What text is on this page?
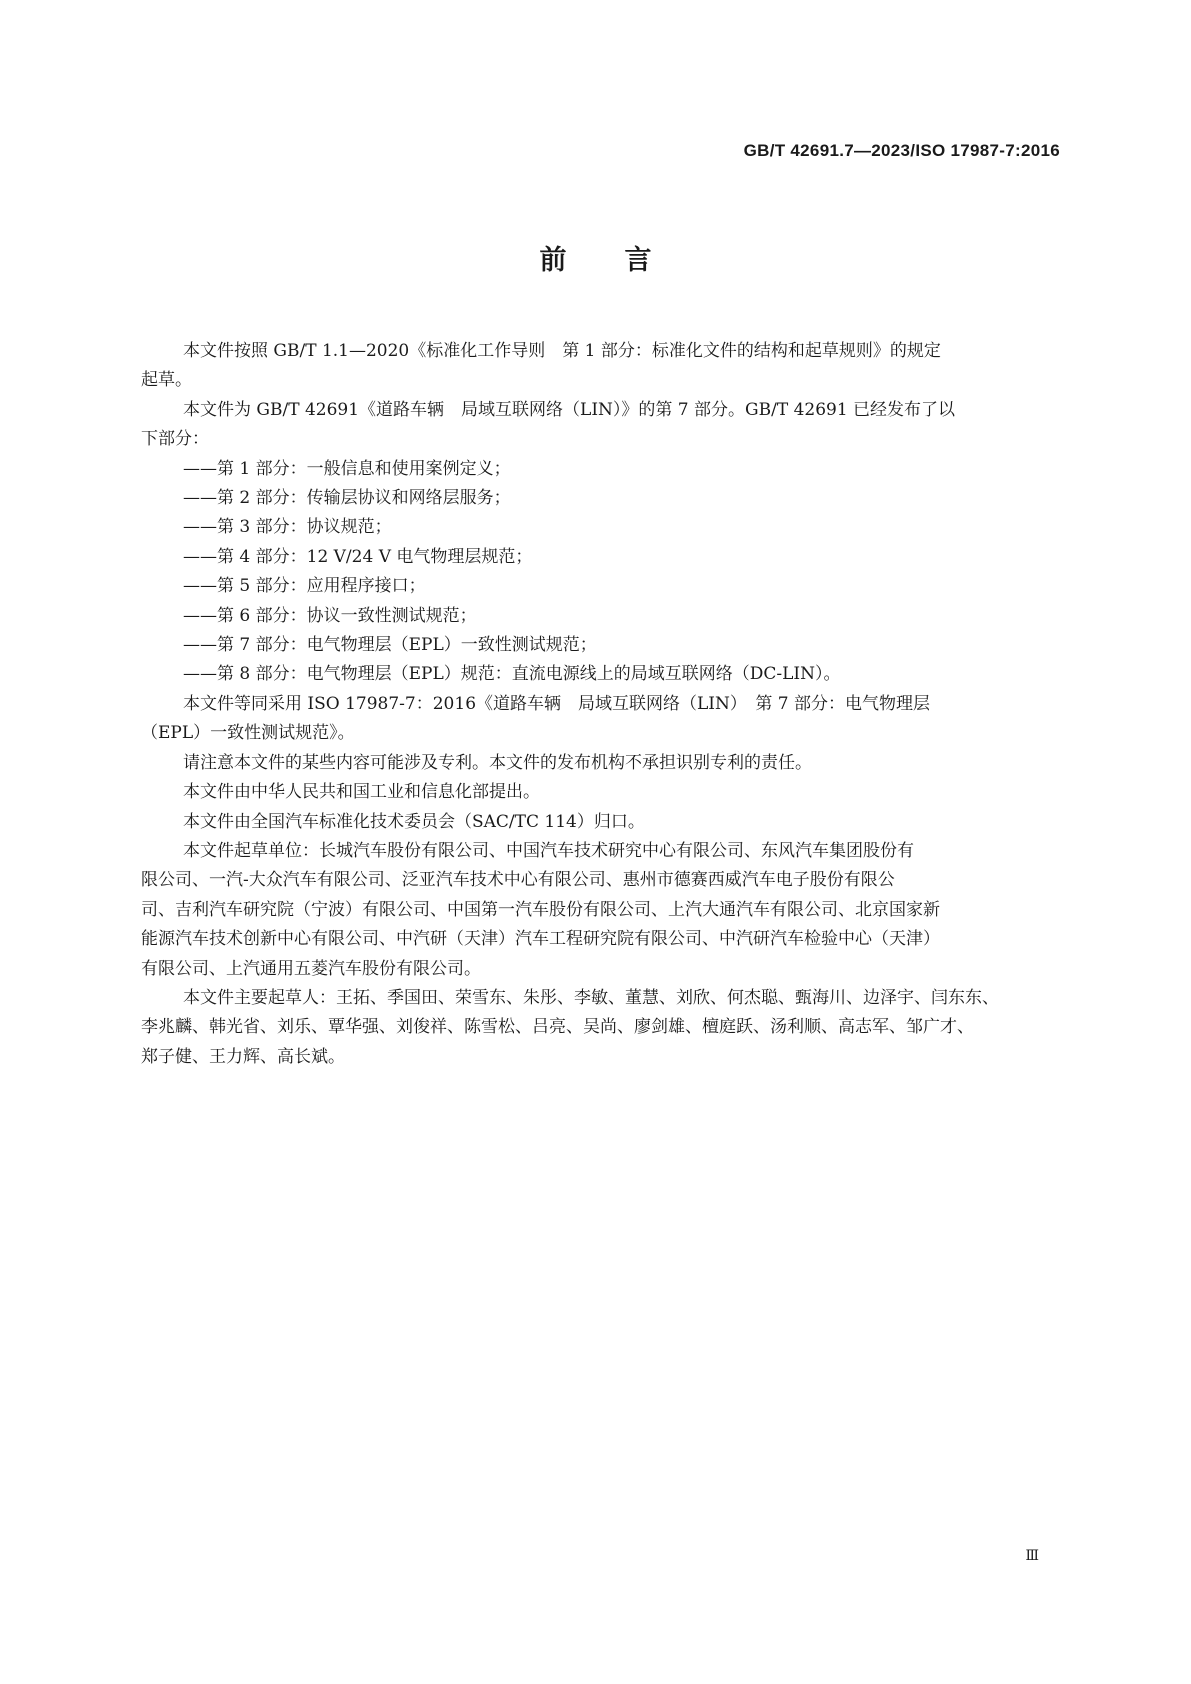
GB/T 42691.7—2023/ISO 17987-7:2016
前言

本文件按照 GB/T 1.1—2020《标准化工作导则　第 1 部分：标准化文件的结构和起草规则》的规定

起草。

本文件为 GB/T 42691《道路车辆　局域互联网络（LIN）》的第 7 部分。GB/T 42691 已经发布了以

下部分：

——第 1 部分：一般信息和使用案例定义；

——第 2 部分：传输层协议和网络层服务；

——第 3 部分：协议规范；

——第 4 部分：12 V/24 V 电气物理层规范；

——第 5 部分：应用程序接口；

——第 6 部分：协议一致性测试规范；

——第 7 部分：电气物理层（EPL）一致性测试规范；

——第 8 部分：电气物理层（EPL）规范：直流电源线上的局域互联网络（DC-LIN）。

本文件等同采用 ISO 17987-7：2016《道路车辆　局域互联网络（LIN）　第 7 部分：电气物理层

（EPL）一致性测试规范》。

请注意本文件的某些内容可能涉及专利。本文件的发布机构不承担识别专利的责任。

本文件由中华人民共和国工业和信息化部提出。

本文件由全国汽车标准化技术委员会（SAC/TC 114）归口。

本文件起草单位：长城汽车股份有限公司、中国汽车技术研究中心有限公司、东风汽车集团股份有

限公司、一汽-大众汽车有限公司、泛亚汽车技术中心有限公司、惠州市德赛西威汽车电子股份有限公

司、吉利汽车研究院（宁波）有限公司、中国第一汽车股份有限公司、上汽大通汽车有限公司、北京国家新

能源汽车技术创新中心有限公司、中汽研（天津）汽车工程研究院有限公司、中汽研汽车检验中心（天津）

有限公司、上汽通用五菱汽车股份有限公司。

本文件主要起草人：王拓、季国田、荣雪东、朱彤、李敏、董慧、刘欣、何杰聪、甄海川、边泽宇、闫东东、

李兆麟、韩光省、刘乐、覃华强、刘俊祥、陈雪松、吕亮、吴尚、廖剑雄、檀庭跃、汤利顺、高志军、邹广才、

郑子健、王力辉、高长斌。

Ⅲ
